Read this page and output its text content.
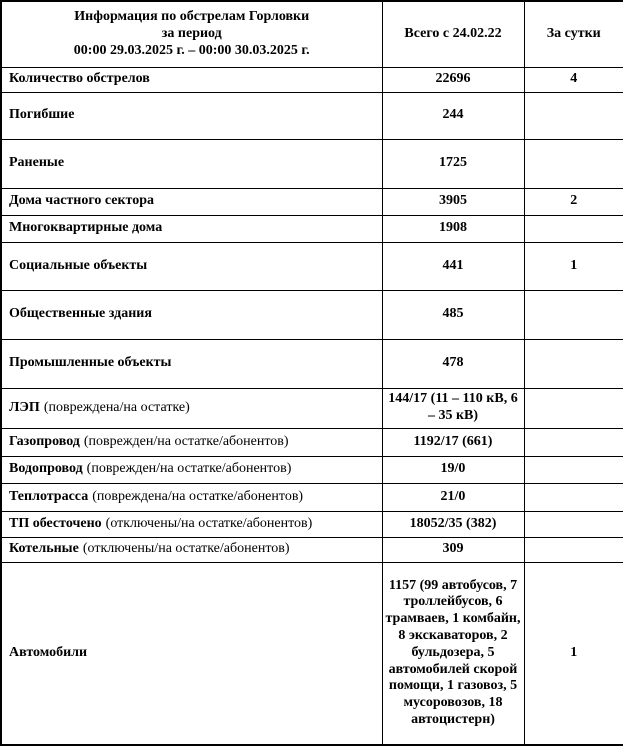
Информация по обстрелам Горловки
за период
00:00 29.03.2025 г. – 00:00 30.03.2025 г.	Всего с 24.02.22	За сутки
Количество обстрелов	22696	4
Погибшие	244	
Раненые	1725	
Дома частного сектора	3905	2
Многоквартирные дома	1908	
Социальные объекты	441	1
Общественные здания	485	
Промышленные объекты	478	
ЛЭП (повреждена/на остатке)	144/17 (11 – 110 кВ, 6 – 35 кВ)	
Газопровод (поврежден/на остатке/абонентов)	1192/17 (661)	
Водопровод (поврежден/на остатке/абонентов)	19/0	
Теплотрасса (повреждена/на остатке/абонентов)	21/0	
ТП обесточено (отключены/на остатке/абонентов)	18052/35 (382)	
Котельные (отключены/на остатке/абонентов)	309	
Автомобили	1157 (99 автобусов, 7 троллейбусов, 6 трамваев, 1 комбайн, 8 экскаваторов, 2 бульдозера, 5 автомобилей скорой помощи, 1 газовоз, 5 мусоровозов, 18 автоцистерн)	1
